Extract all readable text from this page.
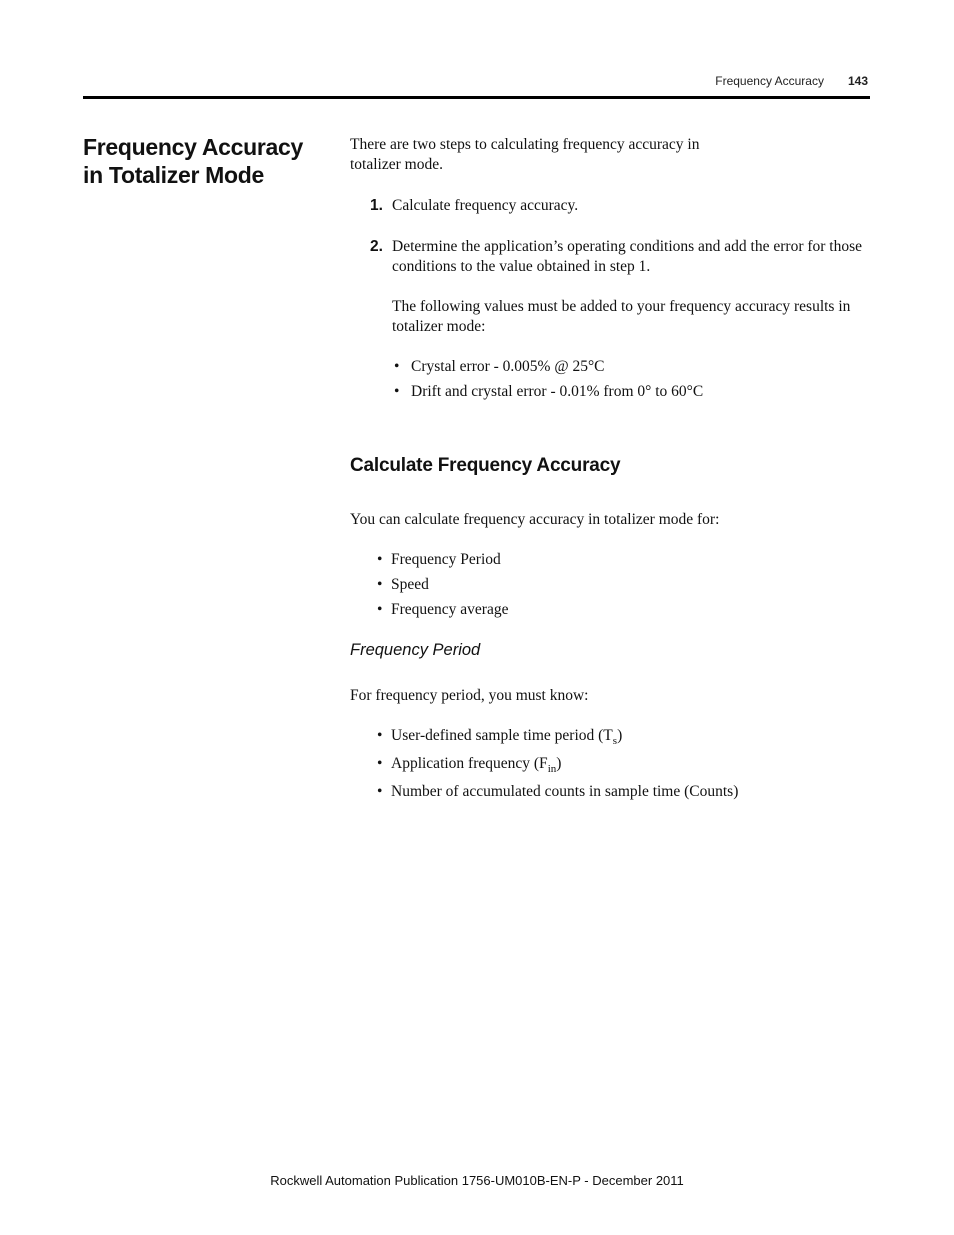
Frequency Accuracy 143
Frequency Accuracy in Totalizer Mode

There are two steps to calculating frequency accuracy in totalizer mode.

1. Calculate frequency accuracy.

2. Determine the application’s operating conditions and add the error for those conditions to the value obtained in step 1.

The following values must be added to your frequency accuracy results in totalizer mode:

• Crystal error - 0.005% @ 25°C
• Drift and crystal error - 0.01% from 0° to 60°C
Calculate Frequency Accuracy

You can calculate frequency accuracy in totalizer mode for:

• Frequency Period
• Speed
• Frequency average
Frequency Period

For frequency period, you must know:

• User-defined sample time period $(T_s)$
• Application frequency $(F_{in})$
• Number of accumulated counts in sample time (Counts)
Rockwell Automation Publication 1756-UM010B-EN-P - December 2011
